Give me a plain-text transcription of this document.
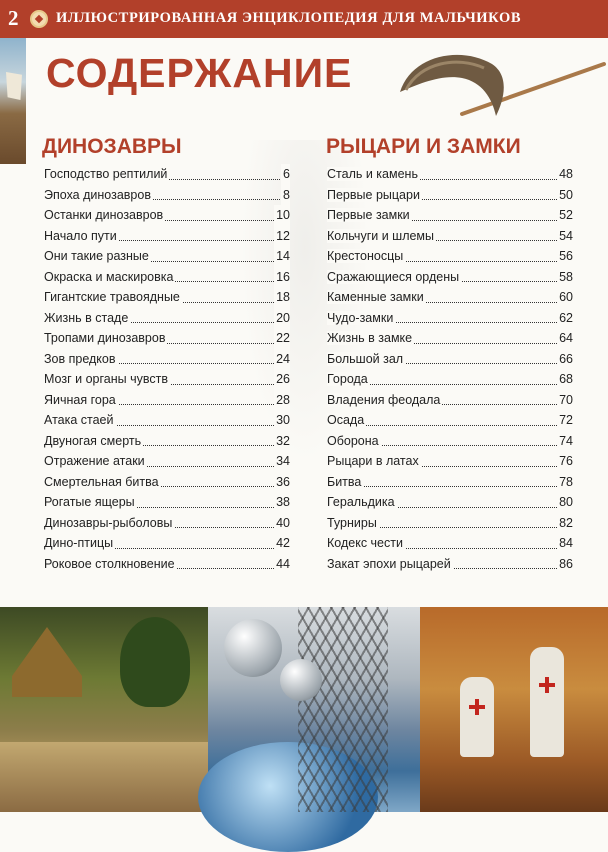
2	ИЛЛЮСТРИРОВАННАЯ ЭНЦИКЛОПЕДИЯ ДЛЯ МАЛЬЧИКОВ
СОДЕРЖАНИЕ
ДИНОЗАВРЫ	РЫЦАРИ И ЗАМКИ
Господство рептилий	6
Эпоха динозавров	8
Останки динозавров	10
Начало пути	12
Они такие разные	14
Окраска и маскировка	16
Гигантские травоядные	18
Жизнь в стаде	20
Тропами динозавров	22
Зов предков	24
Мозг и органы чувств	26
Яичная гора	28
Атака стаей	30
Двуногая смерть	32
Отражение атаки	34
Смертельная битва	36
Рогатые ящеры	38
Динозавры-рыболовы	40
Дино-птицы	42
Роковое столкновение	44
Сталь и камень	48
Первые рыцари	50
Первые замки	52
Кольчуги и шлемы	54
Крестоносцы	56
Сражающиеся ордены	58
Каменные замки	60
Чудо-замки	62
Жизнь в замке	64
Большой зал	66
Города	68
Владения феодала	70
Осада	72
Оборона	74
Рыцари в латах	76
Битва	78
Геральдика	80
Турниры	82
Кодекс чести	84
Закат эпохи рыцарей	86
